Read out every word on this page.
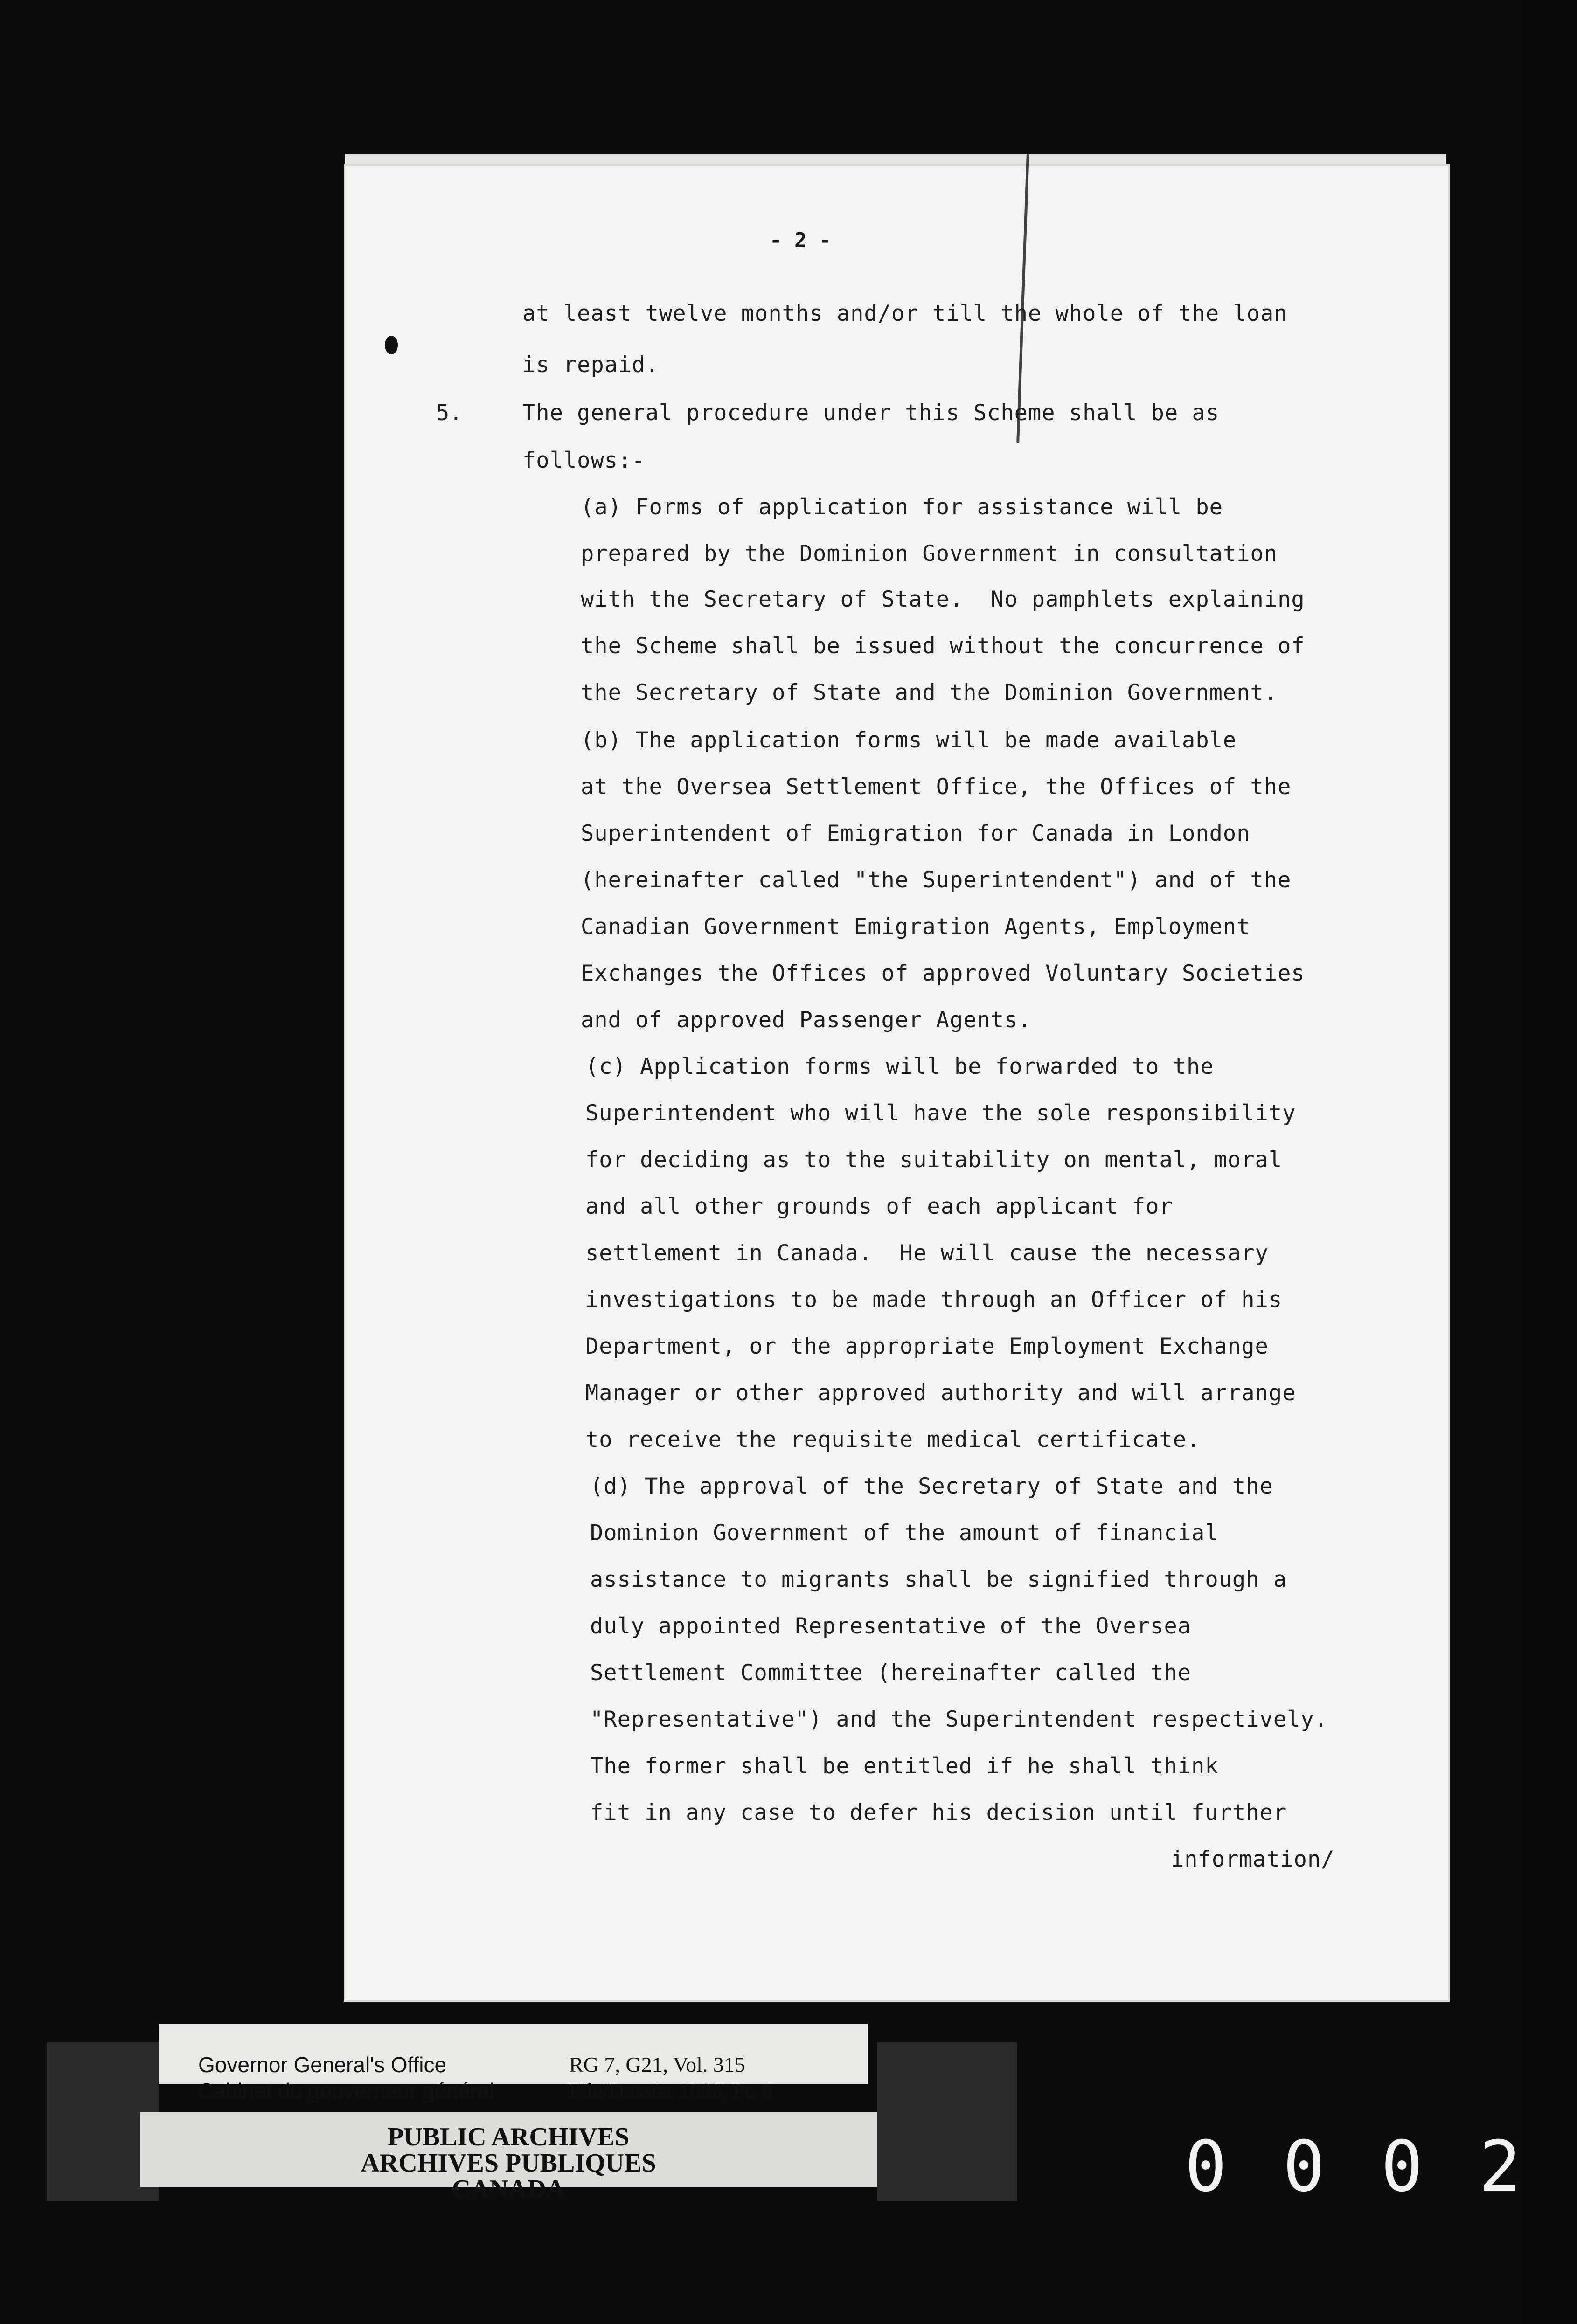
- 2 -
5.
at least twelve months and/or till the whole of the loan
is repaid.
The general procedure under this Scheme shall be as
follows:-
(a) Forms of application for assistance will be
prepared by the Dominion Government in consultation
with the Secretary of State.  No pamphlets explaining
the Scheme shall be issued without the concurrence of
the Secretary of State and the Dominion Government.
(b) The application forms will be made available
at the Oversea Settlement Office, the Offices of the
Superintendent of Emigration for Canada in London
(hereinafter called "the Superintendent") and of the
Canadian Government Emigration Agents, Employment
Exchanges the Offices of approved Voluntary Societies
and of approved Passenger Agents.
(c) Application forms will be forwarded to the
Superintendent who will have the sole responsibility
for deciding as to the suitability on mental, moral
and all other grounds of each applicant for
settlement in Canada.  He will cause the necessary
investigations to be made through an Officer of his
Department, or the appropriate Employment Exchange
Manager or other approved authority and will arrange
to receive the requisite medical certificate.
(d) The approval of the Secretary of State and the
Dominion Government of the amount of financial
assistance to migrants shall be signified through a
duly appointed Representative of the Oversea
Settlement Committee (hereinafter called the
"Representative") and the Superintendent respectively.
The former shall be entitled if he shall think
fit in any case to defer his decision until further
information/
Governor General's Office
Cabinet du gouverneur général
RG 7, G21, Vol. 315
File/Dossier 1085, Pt. 6
PUBLIC ARCHIVES
ARCHIVES PUBLIQUES
CANADA	0002
